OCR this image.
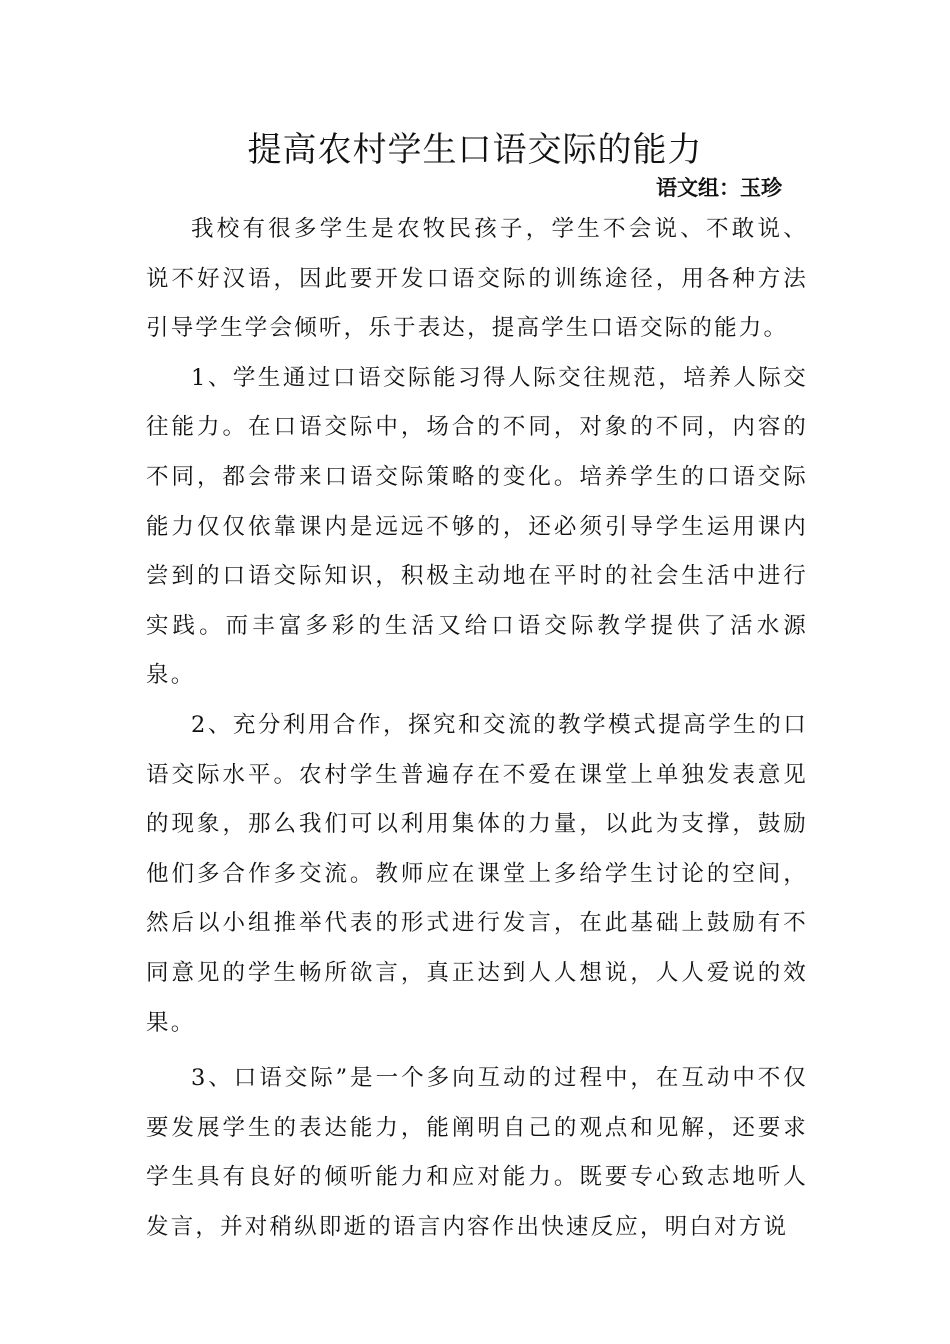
提高农村学生口语交际的能力
语文组：玉珍

我校有很多学生是农牧民孩子，学生不会说、不敢说、说不好汉语，因此要开发口语交际的训练途径，用各种方法引导学生学会倾听，乐于表达，提高学生口语交际的能力。

1、学生通过口语交际能习得人际交往规范，培养人际交往能力。在口语交际中，场合的不同，对象的不同，内容的不同，都会带来口语交际策略的变化。培养学生的口语交际能力仅仅依靠课内是远远不够的，还必须引导学生运用课内尝到的口语交际知识，积极主动地在平时的社会生活中进行实践。而丰富多彩的生活又给口语交际教学提供了活水源泉。

2、充分利用合作，探究和交流的教学模式提高学生的口语交际水平。农村学生普遍存在不爱在课堂上单独发表意见的现象，那么我们可以利用集体的力量，以此为支撑，鼓励他们多合作多交流。教师应在课堂上多给学生讨论的空间，然后以小组推举代表的形式进行发言，在此基础上鼓励有不同意见的学生畅所欲言，真正达到人人想说，人人爱说的效果。

3、口语交际”是一个多向互动的过程中，在互动中不仅要发展学生的表达能力，能阐明自己的观点和见解，还要求学生具有良好的倾听能力和应对能力。既要专心致志地听人发言，并对稍纵即逝的语言内容作出快速反应，明白对方说
